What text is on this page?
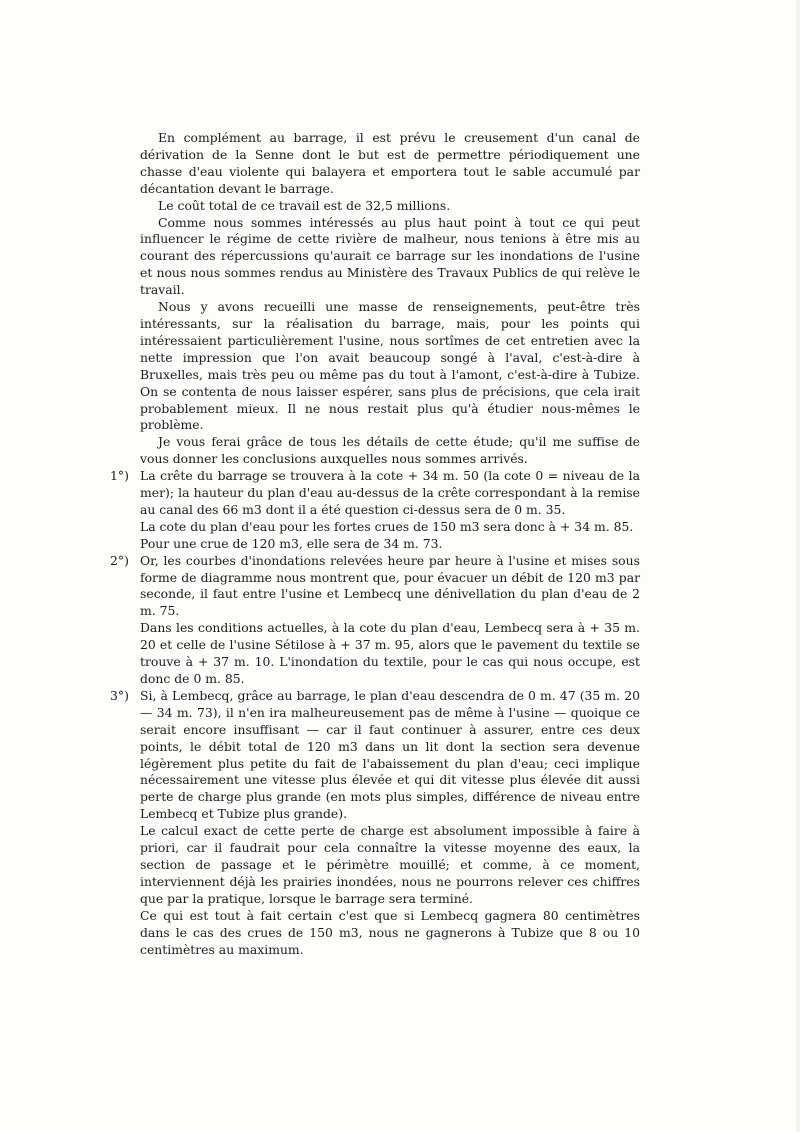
En complément au barrage, il est prévu le creusement d'un canal de dérivation de la Senne dont le but est de permettre périodiquement une chasse d'eau violente qui balayera et emportera tout le sable accumulé par décantation devant le barrage.

Le coût total de ce travail est de 32,5 millions.

Comme nous sommes intéressés au plus haut point à tout ce qui peut influencer le régime de cette rivière de malheur, nous tenions à être mis au courant des répercussions qu'aurait ce barrage sur les inondations de l'usine et nous nous sommes rendus au Ministère des Travaux Publics de qui relève le travail.

Nous y avons recueilli une masse de renseignements, peut-être très intéressants, sur la réalisation du barrage, mais, pour les points qui intéressaient particulièrement l'usine, nous sortîmes de cet entretien avec la nette impression que l'on avait beaucoup songé à l'aval, c'est-à-dire à Bruxelles, mais très peu ou même pas du tout à l'amont, c'est-à-dire à Tubize. On se contenta de nous laisser espérer, sans plus de précisions, que cela irait probablement mieux. Il ne nous restait plus qu'à étudier nous-mêmes le problème.

Je vous ferai grâce de tous les détails de cette étude; qu'il me suffise de vous donner les conclusions auxquelles nous sommes arrivés.

1°) La crête du barrage se trouvera à la cote + 34 m. 50 (la cote 0 = niveau de la mer); la hauteur du plan d'eau au-dessus de la crête correspondant à la remise au canal des 66 m3 dont il a été question ci-dessus sera de 0 m. 35.

La cote du plan d'eau pour les fortes crues de 150 m3 sera donc à + 34 m. 85.

Pour une crue de 120 m3, elle sera de 34 m. 73.

2°) Or, les courbes d'inondations relevées heure par heure à l'usine et mises sous forme de diagramme nous montrent que, pour évacuer un débit de 120 m3 par seconde, il faut entre l'usine et Lembecq une dénivellation du plan d'eau de 2 m. 75.

Dans les conditions actuelles, à la cote du plan d'eau, Lembecq sera à + 35 m. 20 et celle de l'usine Sétilose à + 37 m. 95, alors que le pavement du textile se trouve à + 37 m. 10. L'inondation du textile, pour le cas qui nous occupe, est donc de 0 m. 85.

3°) Si, à Lembecq, grâce au barrage, le plan d'eau descendra de 0 m. 47 (35 m. 20 — 34 m. 73), il n'en ira malheureusement pas de même à l'usine — quoique ce serait encore insuffisant — car il faut continuer à assurer, entre ces deux points, le débit total de 120 m3 dans un lit dont la section sera devenue légèrement plus petite du fait de l'abaissement du plan d'eau; ceci implique nécessairement une vitesse plus élevée et qui dit vitesse plus élevée dit aussi perte de charge plus grande (en mots plus simples, différence de niveau entre Lembecq et Tubize plus grande).

Le calcul exact de cette perte de charge est absolument impossible à faire à priori, car il faudrait pour cela connaître la vitesse moyenne des eaux, la section de passage et le périmètre mouillé; et comme, à ce moment, interviennent déjà les prairies inondées, nous ne pourrons relever ces chiffres que par la pratique, lorsque le barrage sera terminé.

Ce qui est tout à fait certain c'est que si Lembecq gagnera 80 centimètres dans le cas des crues de 150 m3, nous ne gagnerons à Tubize que 8 ou 10 centimètres au maximum.
